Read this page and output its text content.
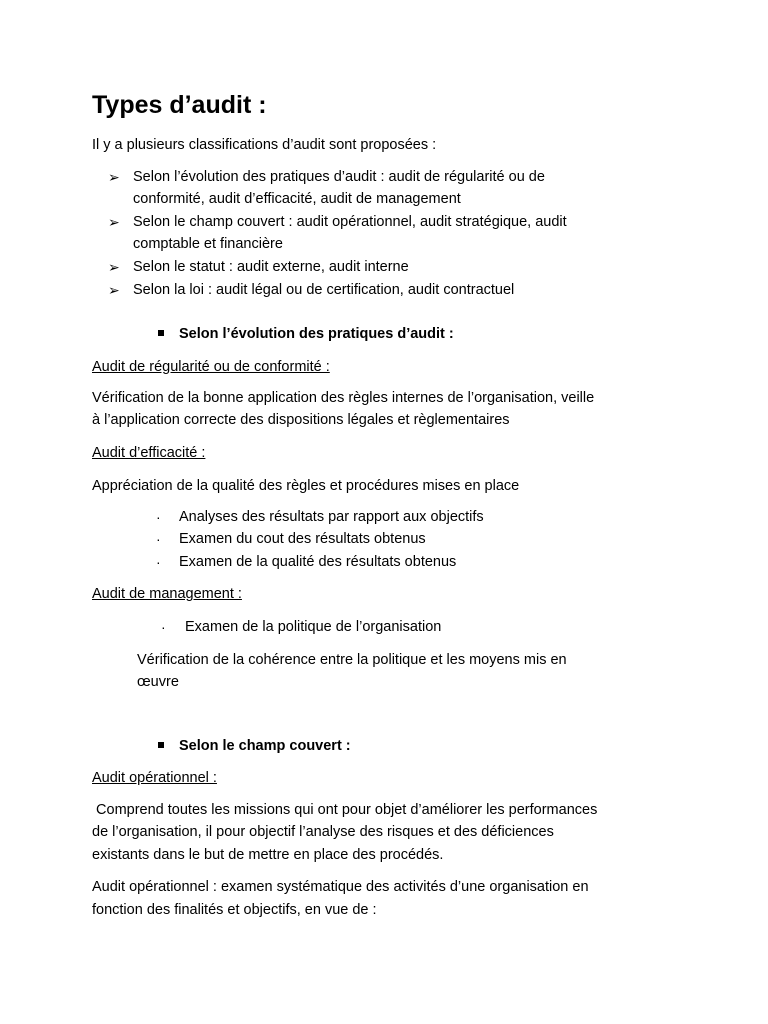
Types d’audit :
Il y a plusieurs classifications d’audit sont proposées :
➢ Selon l’évolution des pratiques d’audit : audit de régularité ou de
conformité, audit d’efficacité, audit de management
➢ Selon le champ couvert : audit opérationnel, audit stratégique, audit
comptable et financière
➢ Selon le statut : audit externe, audit interne
➢ Selon la loi : audit légal ou de certification, audit contractuel
Selon l’évolution des pratiques d’audit :
Audit de régularité ou de conformité :
Vérification de la bonne application des règles internes de l’organisation, veille
à l’application correcte des dispositions légales et règlementaires
Audit d’efficacité :
Appréciation de la qualité des règles et procédures mises en place
· Analyses des résultats par rapport aux objectifs
· Examen du cout des résultats obtenus
· Examen de la qualité des résultats obtenus
Audit de management :
· Examen de la politique de l’organisation
Vérification de la cohérence entre la politique et les moyens mis en
œuvre
Selon le champ couvert :
Audit opérationnel :
Comprend toutes les missions qui ont pour objet d’améliorer les performances
de l’organisation, il pour objectif l’analyse des risques et des déficiences
existants dans le but de mettre en place des procédés.
Audit opérationnel : examen systématique des activités d’une organisation en
fonction des finalités et objectifs, en vue de :
